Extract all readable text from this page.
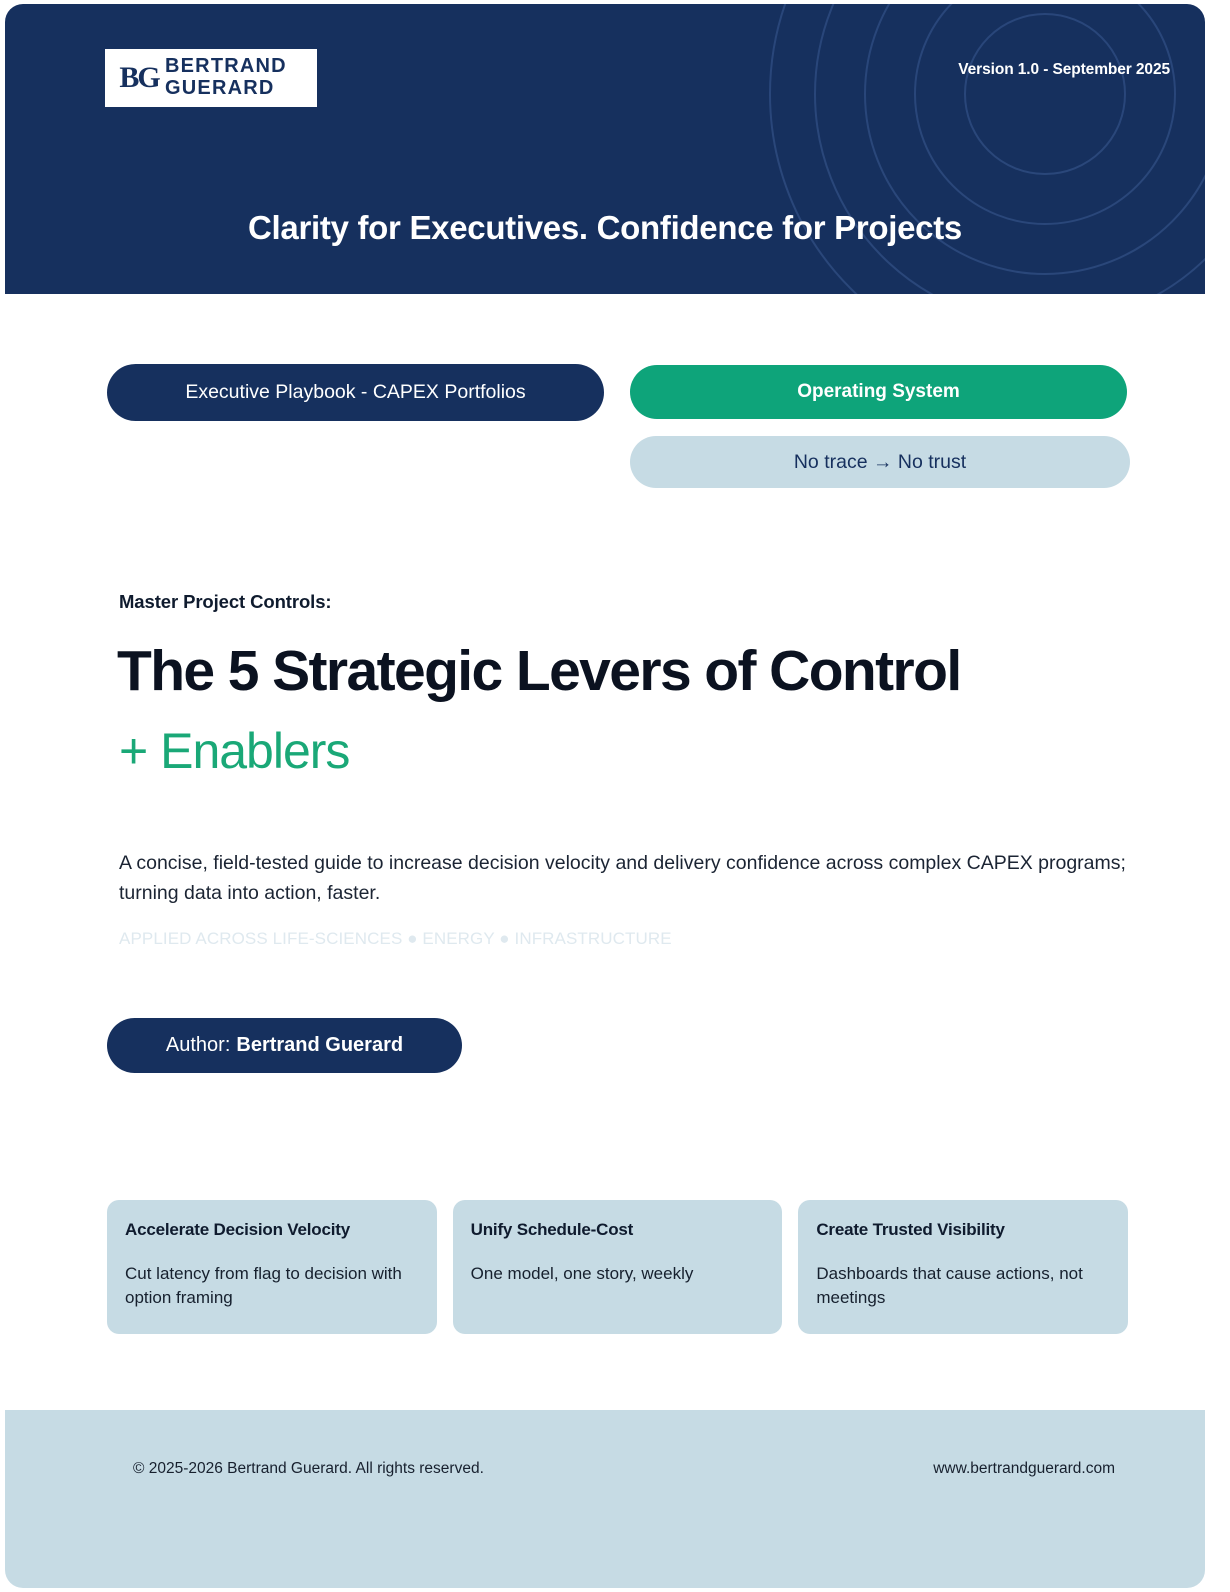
BG BERTRAND
GUERARD
Version 1.0 - September 2025
Clarity for Executives. Confidence for Projects
Executive Playbook - CAPEX Portfolios	Operating System
No trace → No trust
Master Project Controls:
The 5 Strategic Levers of Control
+ Enablers

A concise, field-tested guide to increase decision velocity and delivery confidence across complex CAPEX programs; turning data into action, faster.

APPLIED ACROSS LIFE-SCIENCES ● ENERGY ● INFRASTRUCTURE
Author: Bertrand Guerard
Accelerate Decision Velocity
Cut latency from flag to decision with option framing
Unify Schedule-Cost
One model, one story, weekly
Create Trusted Visibility
Dashboards that cause actions, not meetings
© 2025-2026 Bertrand Guerard. All rights reserved.	www.bertrandguerard.com
